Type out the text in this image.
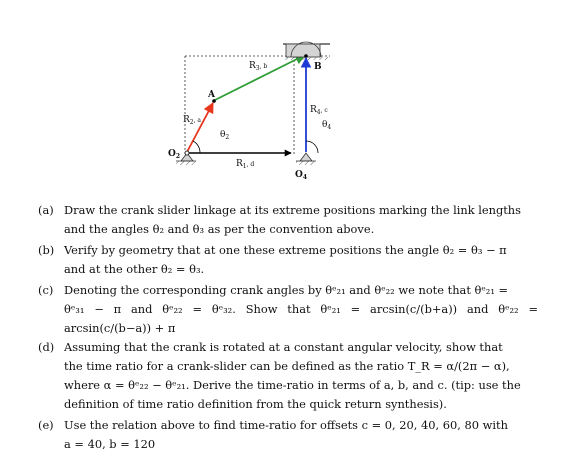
$O_2$
A
B
$R_2^{, a}$
$R_3^{, b}$
$R_4^{, c}$
$R_1^{, d}$
$\theta_2$
$\theta_4$
$O_4$
(a) Draw the crank slider linkage at its extreme positions marking the link lengths

and the angles θ₂ and θ₃ as per the convention above.

(b) Verify by geometry that at one these extreme positions the angle θ₂ = θ₃ − π

and at the other θ₂ = θ₃.

(c) Denoting the corresponding crank angles by θᵉ₂₁ and θᵉ₂₂ we note that θᵉ₂₁ =

θᵉ₃₁ − π and θᵉ₂₂ = θᵉ₃₂. Show that θᵉ₂₁ = arcsin(c/(b+a)) and θᵉ₂₂ = arcsin(c/(b−a)) + π

(d) Assuming that the crank is rotated at a constant angular velocity, show that

the time ratio for a crank-slider can be defined as the ratio T_R = α/(2π − α),

where α = θᵉ₂₂ − θᵉ₂₁. Derive the time-ratio in terms of a, b, and c. (tip: use the

definition of time ratio definition from the quick return synthesis).

(e) Use the relation above to find time-ratio for offsets c = 0, 20, 40, 60, 80 with

a = 40, b = 120
